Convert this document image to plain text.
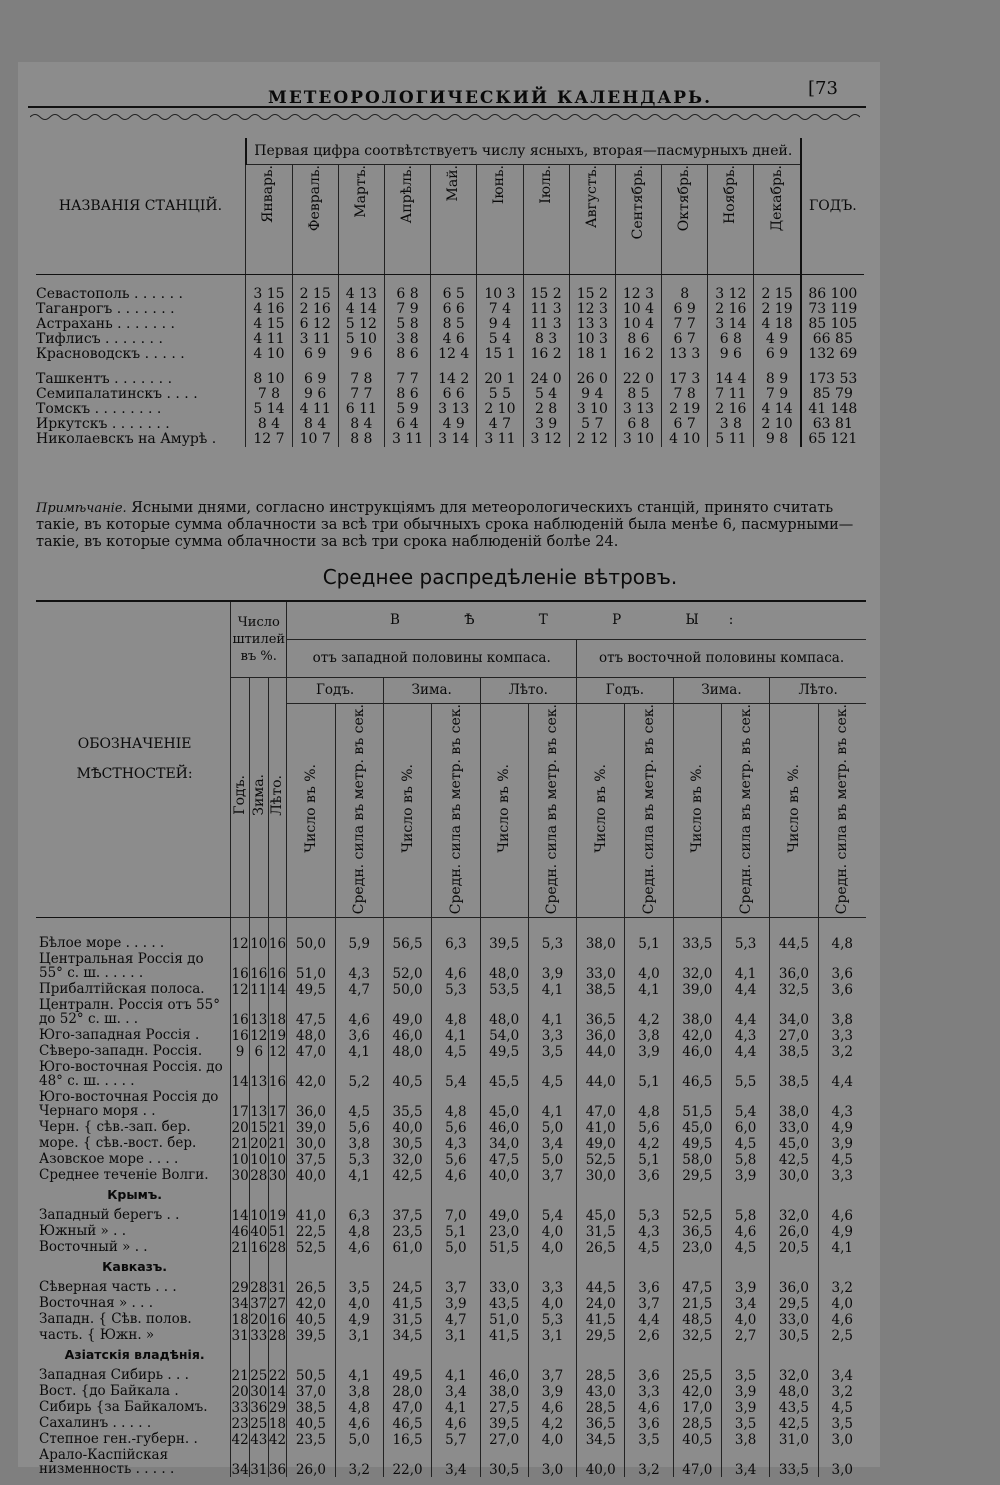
МЕТЕОРОЛОГИЧЕСКИЙ КАЛЕНДАРЬ.	[73
НАЗВАНІЯ СТАНЦІЙ.	Первая цифра соотвѣтствуетъ числу ясныхъ, вторая—пасмурныхъ дней.												ГОДЪ.
	Январь.	Февраль.	Мартъ.	Апрѣль.	Май.	Іюнь.	Іюль.	Августъ.	Сентябрь.	Октябрь.	Ноябрь.	Декабрь.	

Севастополь . . . . . .	3 15	2 15	4 13	6 8	6 5	10 3	15 2	15 2	12 3	8	3 12	2 15	86 100
Таганрогъ . . . . . . .	4 16	2 16	4 14	7 9	6 6	7 4	11 3	12 3	10 4	6 9	2 16	2 19	73 119
Астрахань . . . . . . .	4 15	6 12	5 12	5 8	8 5	9 4	11 3	13 3	10 4	7 7	3 14	4 18	85 105
Тифлисъ . . . . . . .	4 11	3 11	5 10	3 8	4 6	5 4	8 3	10 3	8 6	6 7	6 8	4 9	66 85
Красноводскъ . . . . .	4 10	6 9	9 6	8 6	12 4	15 1	16 2	18 1	16 2	13 3	9 6	6 9	132 69

Ташкентъ . . . . . . .	8 10	6 9	7 8	7 7	14 2	20 1	24 0	26 0	22 0	17 3	14 4	8 9	173 53
Семипалатинскъ . . . .	7 8	9 6	7 7	8 6	6 6	5 5	5 4	9 4	8 5	7 8	7 11	7 9	85 79
Томскъ . . . . . . . .	5 14	4 11	6 11	5 9	3 13	2 10	2 8	3 10	3 13	2 19	2 16	4 14	41 148
Иркутскъ . . . . . . .	8 4	8 4	8 4	6 4	4 9	4 7	3 9	5 7	6 8	6 7	3 8	2 10	63 81
Николаевскъ на Амурѣ .	12 7	10 7	8 8	3 11	3 14	3 11	3 12	2 12	3 10	4 10	5 11	9 8	65 121
Примѣчаніе. Ясными днями, согласно инструкціямъ для метеорологическихъ станцій, принято считать такіе, въ которые сумма облачности за всѣ три обычныхъ срока наблюденій была менѣе 6, пасмурными—такіе, въ которые сумма облачности за всѣ три срока наблюденій болѣе 24.
Среднее распредѣленіе вѣтровъ.
ОБОЗНАЧЕНІЕ МѢСТНОСТЕЙ:	Число штилей въ %.			В Ѣ Т Р Ы:											
				отъ западной половины компаса.						отъ восточной половины компаса.					
	Годъ.	Зима.	Лѣто.	Годъ.		Зима.		Лѣто.		Годъ.		Зима.		Лѣто.	
				Число въ %.	Средн. сила въ метр. въ сек.	Число въ %.	Средн. сила въ метр. въ сек.	Число въ %.	Средн. сила въ метр. въ сек.	Число въ %.	Средн. сила въ метр. въ сек.	Число въ %.	Средн. сила въ метр. въ сек.	Число въ %.	Средн. сила въ метр. въ сек.

Бѣлое море . . . . .	12	10	16	50,0	5,9	56,5	6,3	39,5	5,3	38,0	5,1	33,5	5,3	44,5	4,8
Центральная Россія до 55° с. ш. . . . . .	16	16	16	51,0	4,3	52,0	4,6	48,0	3,9	33,0	4,0	32,0	4,1	36,0	3,6
Прибалтійская полоса.	12	11	14	49,5	4,7	50,0	5,3	53,5	4,1	38,5	4,1	39,0	4,4	32,5	3,6
Централн. Россія отъ 55° до 52° с. ш. . .	16	13	18	47,5	4,6	49,0	4,8	48,0	4,1	36,5	4,2	38,0	4,4	34,0	3,8
Юго-западная Россія .	16	12	19	48,0	3,6	46,0	4,1	54,0	3,3	36,0	3,8	42,0	4,3	27,0	3,3
Сѣверо-западн. Россія.	9	6	12	47,0	4,1	48,0	4,5	49,5	3,5	44,0	3,9	46,0	4,4	38,5	3,2
Юго-восточная Россія. до 48° с. ш. . . . .	14	13	16	42,0	5,2	40,5	5,4	45,5	4,5	44,0	5,1	46,5	5,5	38,5	4,4
Юго-восточная Россія до Чернаго моря . .	17	13	17	36,0	4,5	35,5	4,8	45,0	4,1	47,0	4,8	51,5	5,4	38,0	4,3
Черн. { сѣв.-зап. бер.	20	15	21	39,0	5,6	40,0	5,6	46,0	5,0	41,0	5,6	45,0	6,0	33,0	4,9
море. { сѣв.-вост. бер.	21	20	21	30,0	3,8	30,5	4,3	34,0	3,4	49,0	4,2	49,5	4,5	45,0	3,9
Азовское море . . . .	10	10	10	37,5	5,3	32,0	5,6	47,5	5,0	52,5	5,1	58,0	5,8	42,5	4,5
Среднее теченіе Волги.	30	28	30	40,0	4,1	42,5	4,6	40,0	3,7	30,0	3,6	29,5	3,9	30,0	3,3
Крымъ.															
Западный берегъ . .	14	10	19	41,0	6,3	37,5	7,0	49,0	5,4	45,0	5,3	52,5	5,8	32,0	4,6
Южный » . .	46	40	51	22,5	4,8	23,5	5,1	23,0	4,0	31,5	4,3	36,5	4,6	26,0	4,9
Восточный » . .	21	16	28	52,5	4,6	61,0	5,0	51,5	4,0	26,5	4,5	23,0	4,5	20,5	4,1
Кавказъ.															
Сѣверная часть . . .	29	28	31	26,5	3,5	24,5	3,7	33,0	3,3	44,5	3,6	47,5	3,9	36,0	3,2
Восточная » . . .	34	37	27	42,0	4,0	41,5	3,9	43,5	4,0	24,0	3,7	21,5	3,4	29,5	4,0
Западн. { Сѣв. полов.	18	20	16	40,5	4,9	31,5	4,7	51,0	5,3	41,5	4,4	48,5	4,0	33,0	4,6
часть. { Южн. »	31	33	28	39,5	3,1	34,5	3,1	41,5	3,1	29,5	2,6	32,5	2,7	30,5	2,5
Азіатскія владѣнія.															
Западная Сибирь . . .	21	25	22	50,5	4,1	49,5	4,1	46,0	3,7	28,5	3,6	25,5	3,5	32,0	3,4
Вост. {до Байкала .	20	30	14	37,0	3,8	28,0	3,4	38,0	3,9	43,0	3,3	42,0	3,9	48,0	3,2
Сибирь {за Байкаломъ.	33	36	29	38,5	4,8	47,0	4,1	27,5	4,6	28,5	4,6	17,0	3,9	43,5	4,5
Сахалинъ . . . . .	23	25	18	40,5	4,6	46,5	4,6	39,5	4,2	36,5	3,6	28,5	3,5	42,5	3,5
Степное ген.-губерн. .	42	43	42	23,5	5,0	16,5	5,7	27,0	4,0	34,5	3,5	40,5	3,8	31,0	3,0
Арало-Каспійская низменность . . . . .	34	31	36	26,0	3,2	22,0	3,4	30,5	3,0	40,0	3,2	47,0	3,4	33,5	3,0
